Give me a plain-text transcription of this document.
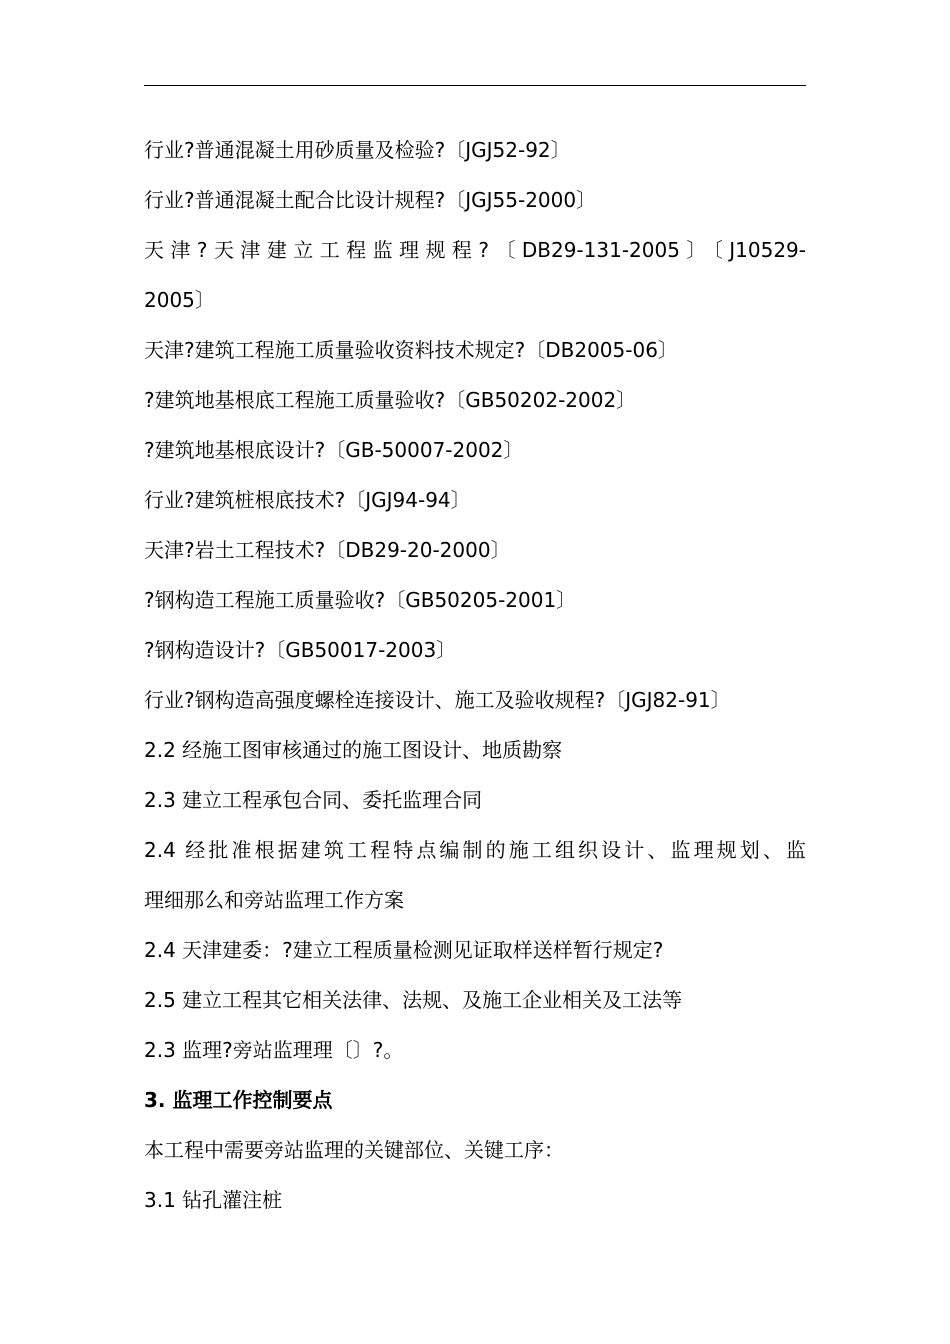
行业?普通混凝土用砂质量及检验?〔JGJ52-92〕
行业?普通混凝土配合比设计规程?〔JGJ55-2000〕
天津?天津建立工程监理规程?〔DB29-131-2005〕〔J10529-
2005〕
天津?建筑工程施工质量验收资料技术规定?〔DB2005-06〕
?建筑地基根底工程施工质量验收?〔GB50202-2002〕
?建筑地基根底设计?〔GB-50007-2002〕
行业?建筑桩根底技术?〔JGJ94-94〕
天津?岩土工程技术?〔DB29-20-2000〕
?钢构造工程施工质量验收?〔GB50205-2001〕
?钢构造设计?〔GB50017-2003〕
行业?钢构造高强度螺栓连接设计、施工及验收规程?〔JGJ82-91〕
2.2 经施工图审核通过的施工图设计、地质勘察
2.3 建立工程承包合同、委托监理合同
2.4 经批准根据建筑工程特点编制的施工组织设计、监理规划、监
理细那么和旁站监理工作方案
2.4 天津建委：?建立工程质量检测见证取样送样暂行规定?
2.5 建立工程其它相关法律、法规、及施工企业相关及工法等
2.3 监理?旁站监理理〔〕?。
3. 监理工作控制要点
本工程中需要旁站监理的关键部位、关键工序：
3.1 钻孔灌注桩
